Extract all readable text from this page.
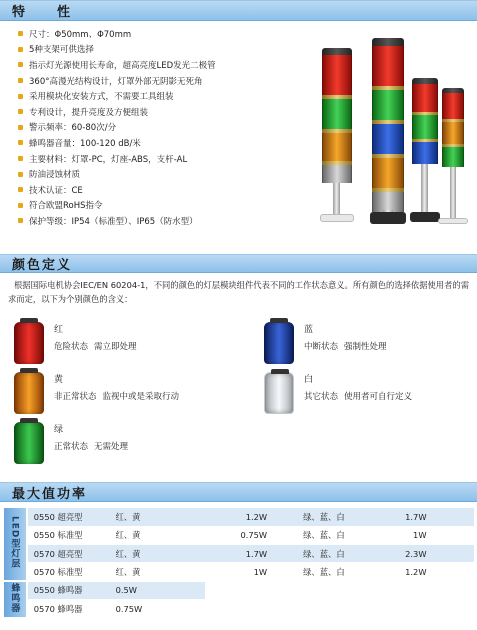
特　　性
尺寸：Φ50mm、Φ70mm
5种支架可供选择
指示灯光源使用长寿命，超高亮度LED发光二极管
360°高漫光结构设计，灯罩外部无阴影无死角
采用模块化安装方式，不需要工具组装
专利设计，提升亮度及方便组装
警示频率：60-80次/分
蜂鸣器音量：100-120 dB/米
主要材料：灯罩-PC，灯座-ABS，支杆-AL
防油浸蚀材质
技术认证：CE
符合欧盟RoHS指令
保护等级：IP54（标准型）、IP65（防水型）
颜色定义
根据国际电机协会IEC/EN 60204-1，不同的颜色的灯层模块组件代表不同的工作状态意义。所有颜色的选择依据使用者的需求而定，以下为个别颜色的含义：
红
危险状态 需立即处理
蓝
中断状态 强制性处理
黄
非正常状态 监视中或是采取行动
白
其它状态 使用者可自行定义
绿
正常状态 无需处理
最大值功率
LED型灯层	0550 超亮型	红、黄	1.2W	绿、蓝、白	1.7W	
	0550 标准型	红、黄	0.75W	绿、蓝、白	1W	
	0570 超亮型	红、黄	1.7W	绿、蓝、白	2.3W	
	0570 标准型	红、黄	1W	绿、蓝、白	1.2W	
蜂鸣器	0550 蜂鸣器	0.5W				
	0570 蜂鸣器	0.75W				
